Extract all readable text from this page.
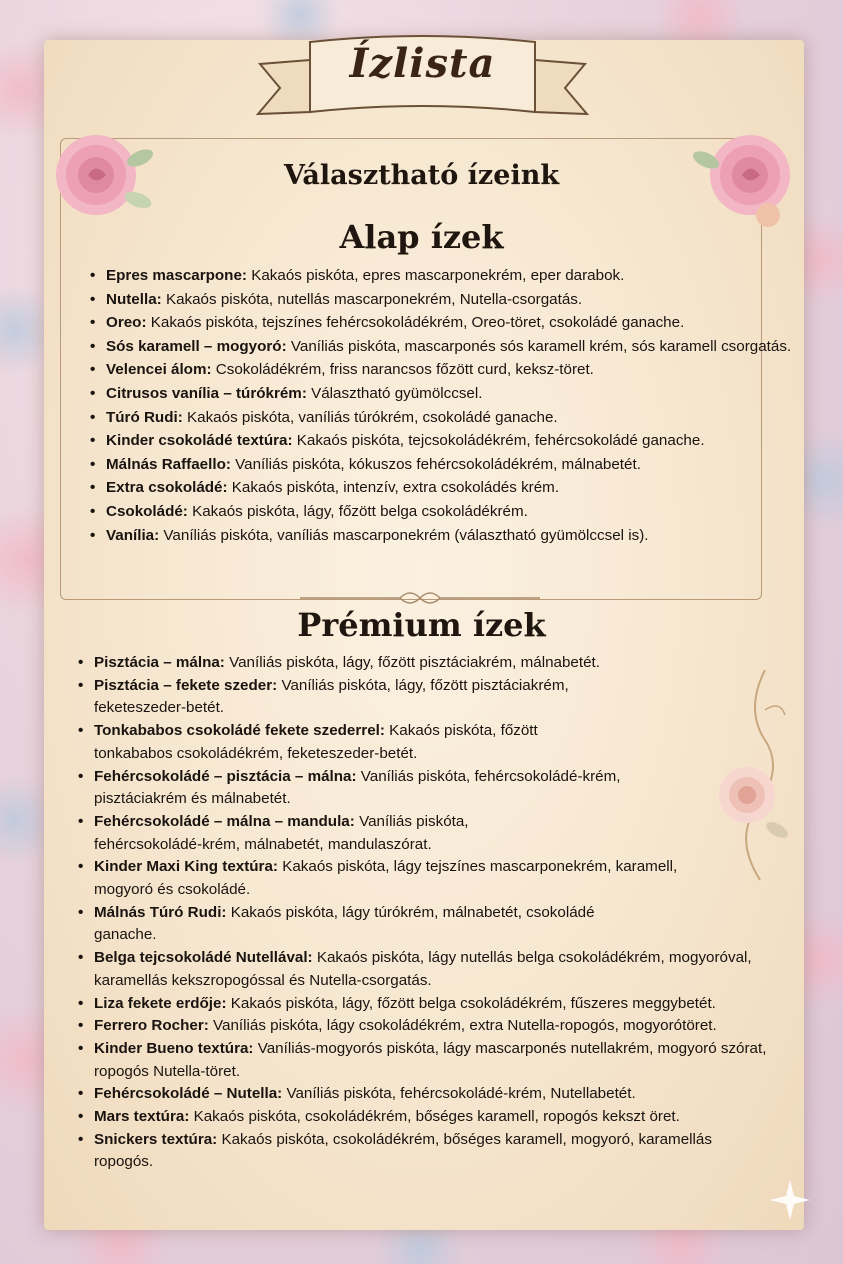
Ízlista
Választható ízeink
Alap ízek
• Epres mascarpone: Kakaós piskóta, epres mascarponekrém, eper darabok.
• Nutella: Kakaós piskóta, nutellás mascarponekrém, Nutella-csorgatás.
• Oreo: Kakaós piskóta, tejszínes fehércsokoládékrém, Oreo-töret, csokoládé ganache.
• Sós karamell – mogyoró: Vaníliás piskóta, mascarponés sós karamell krém, sós karamell csorgatás.
• Velencei álom: Csokoládékrém, friss narancsos főzött curd, keksz-töret.
• Citrusos vanília – túrókrém: Választható gyümölccsel.
• Túró Rudi: Kakaós piskóta, vaníliás túrókrém, csokoládé ganache.
• Kinder csokoládé textúra: Kakaós piskóta, tejcsokoládékrém, fehércsokoládé ganache.
• Málnás Raffaello: Vaníliás piskóta, kókuszos fehércsokoládékrém, málnabetét.
• Extra csokoládé: Kakaós piskóta, intenzív, extra csokoládés krém.
• Csokoládé: Kakaós piskóta, lágy, főzött belga csokoládékrém.
• Vanília: Vaníliás piskóta, vaníliás mascarponekrém (választható gyümölccsel is).
Prémium ízek
• Pisztácia – málna: Vaníliás piskóta, lágy, főzött pisztáciakrém, málnabetét.
• Pisztácia – fekete szeder: Vaníliás piskóta, lágy, főzött pisztáciakrém, feketeszeder-betét.
• Tonkababos csokoládé fekete szederrel: Kakaós piskóta, főzött tonkababos csokoládékrém, feketeszeder-betét.
• Fehércsokoládé – pisztácia – málna: Vaníliás piskóta, fehércsokoládé-krém, pisztáciakrém és málnabetét.
• Fehércsokoládé – málna – mandula: Vaníliás piskóta, fehércsokoládé-krém, málnabetét, mandulaszórat.
• Kinder Maxi King textúra: Kakaós piskóta, lágy tejszínes mascarponekrém, karamell, mogyoró és csokoládé.
• Málnás Túró Rudi: Kakaós piskóta, lágy túrókrém, málnabetét, csokoládé ganache.
• Belga tejcsokoládé Nutellával: Kakaós piskóta, lágy nutellás belga csokoládékrém, mogyoróval, karamellás kekszropogóssal és Nutella-csorgatás.
• Liza fekete erdője: Kakaós piskóta, lágy, főzött belga csokoládékrém, fűszeres meggybetét.
• Ferrero Rocher: Vaníliás piskóta, lágy csokoládékrém, extra Nutella-ropogós, mogyorótöret.
• Kinder Bueno textúra: Vaníliás-mogyorós piskóta, lágy mascarponés nutellakrém, mogyoró szórat, ropogós Nutella-töret.
• Fehércsokoládé – Nutella: Vaníliás piskóta, fehércsokoládé-krém, Nutellabetét.
• Mars textúra: Kakaós piskóta, csokoládékrém, bőséges karamell, ropogós kekszt öret.
• Snickers textúra: Kakaós piskóta, csokoládékrém, bőséges karamell, mogyoró, karamellás ropogós.
